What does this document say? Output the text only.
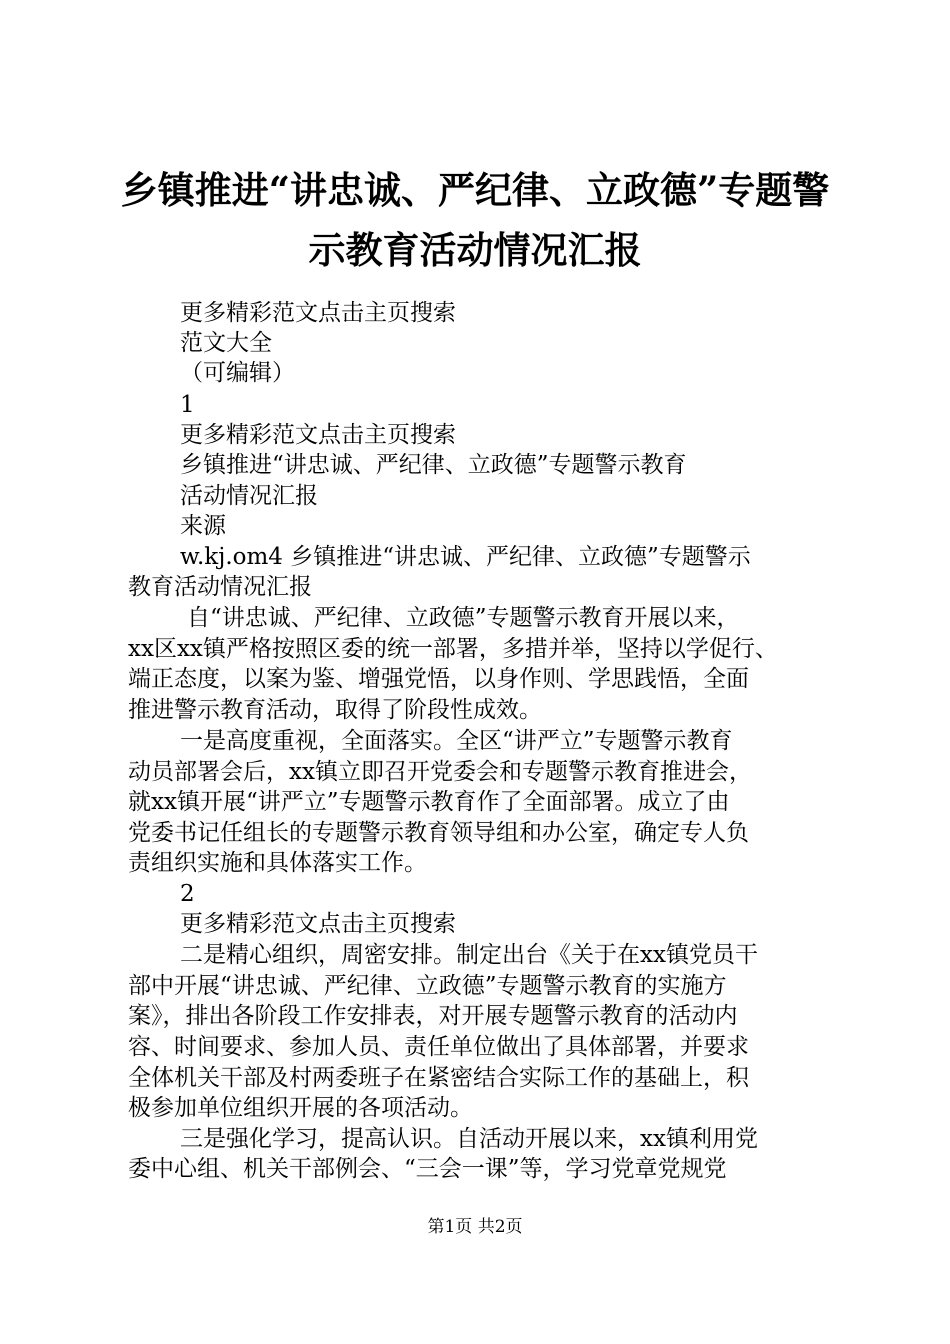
乡镇推进“讲忠诚、严纪律、立政德”专题警
示教育活动情况汇报
更多精彩范文点击主页搜索
范文大全
（可编辑）
1
更多精彩范文点击主页搜索
乡镇推进“讲忠诚、严纪律、立政德”专题警示教育
活动情况汇报
来源
w.kj.om4 乡镇推进“讲忠诚、严纪律、立政德”专题警示
教育活动情况汇报
自“讲忠诚、严纪律、立政德”专题警示教育开展以来，
xx区xx镇严格按照区委的统一部署，多措并举，坚持以学促行、
端正态度，以案为鉴、增强党悟，以身作则、学思践悟，全面
推进警示教育活动，取得了阶段性成效。
一是高度重视，全面落实。全区“讲严立”专题警示教育
动员部署会后，xx镇立即召开党委会和专题警示教育推进会，
就xx镇开展“讲严立”专题警示教育作了全面部署。成立了由
党委书记任组长的专题警示教育领导组和办公室，确定专人负
责组织实施和具体落实工作。
2
更多精彩范文点击主页搜索
二是精心组织，周密安排。制定出台《关于在xx镇党员干
部中开展“讲忠诚、严纪律、立政德”专题警示教育的实施方
案》，排出各阶段工作安排表，对开展专题警示教育的活动内
容、时间要求、参加人员、责任单位做出了具体部署，并要求
全体机关干部及村两委班子在紧密结合实际工作的基础上，积
极参加单位组织开展的各项活动。
三是强化学习，提高认识。自活动开展以来，xx镇利用党
委中心组、机关干部例会、“三会一课”等，学习党章党规党
第1页 共2页
